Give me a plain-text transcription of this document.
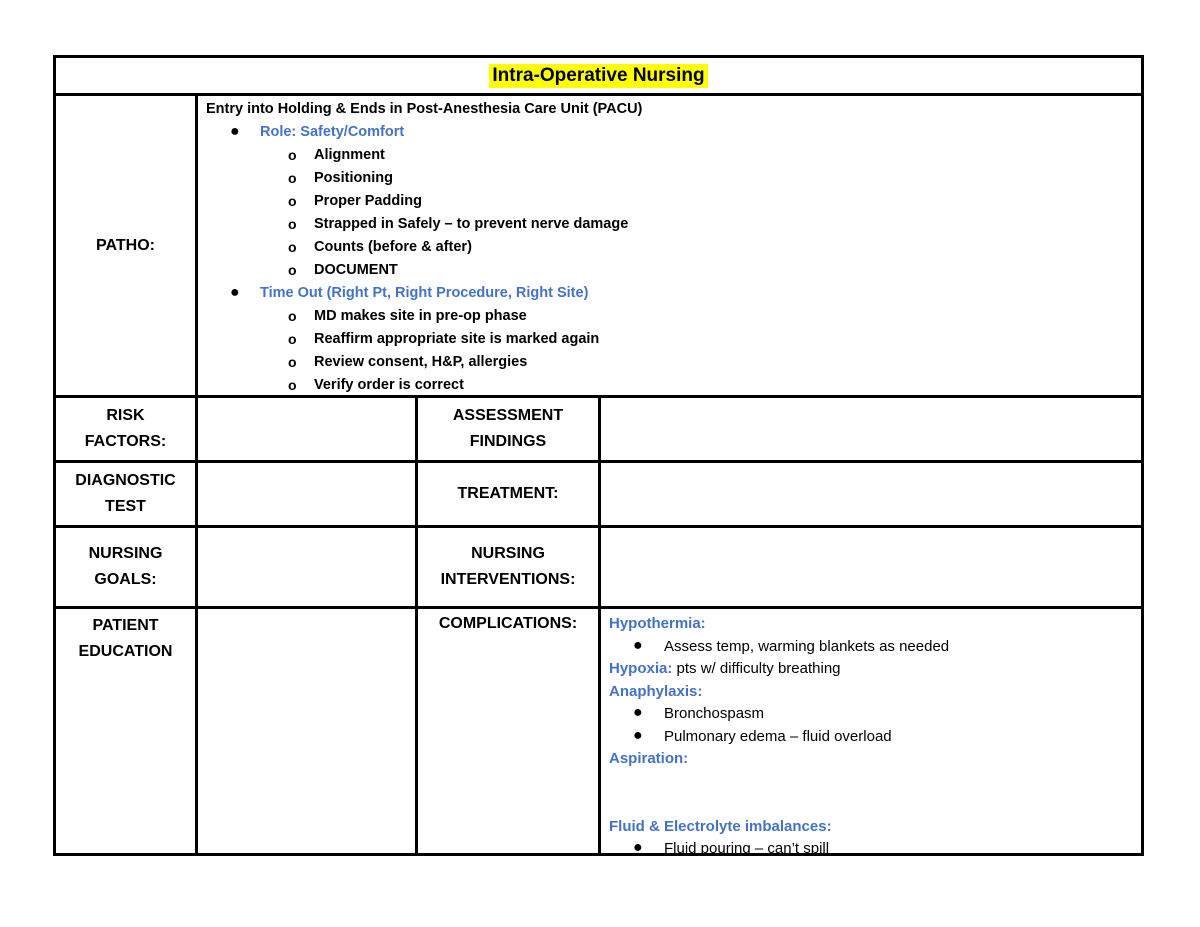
Intra-Operative Nursing
PATHO:
Entry into Holding & Ends in Post-Anesthesia Care Unit (PACU)
● Role: Safety/Comfort
o Alignment
o Positioning
o Proper Padding
o Strapped in Safely – to prevent nerve damage
o Counts (before & after)
o DOCUMENT
● Time Out (Right Pt, Right Procedure, Right Site)
o MD makes site in pre-op phase
o Reaffirm appropriate site is marked again
o Review consent, H&P, allergies
o Verify order is correct
RISK
FACTORS:
ASSESSMENT
FINDINGS
DIAGNOSTIC
TEST
TREATMENT:
NURSING
GOALS:
NURSING
INTERVENTIONS:
PATIENT
EDUCATION
COMPLICATIONS: Hypothermia:
● Assess temp, warming blankets as needed
Hypoxia: pts w/ difficulty breathing
Anaphylaxis:
● Bronchospasm
● Pulmonary edema – fluid overload
Aspiration:
Fluid & Electrolyte imbalances:
● Fluid pouring – can’t spill
